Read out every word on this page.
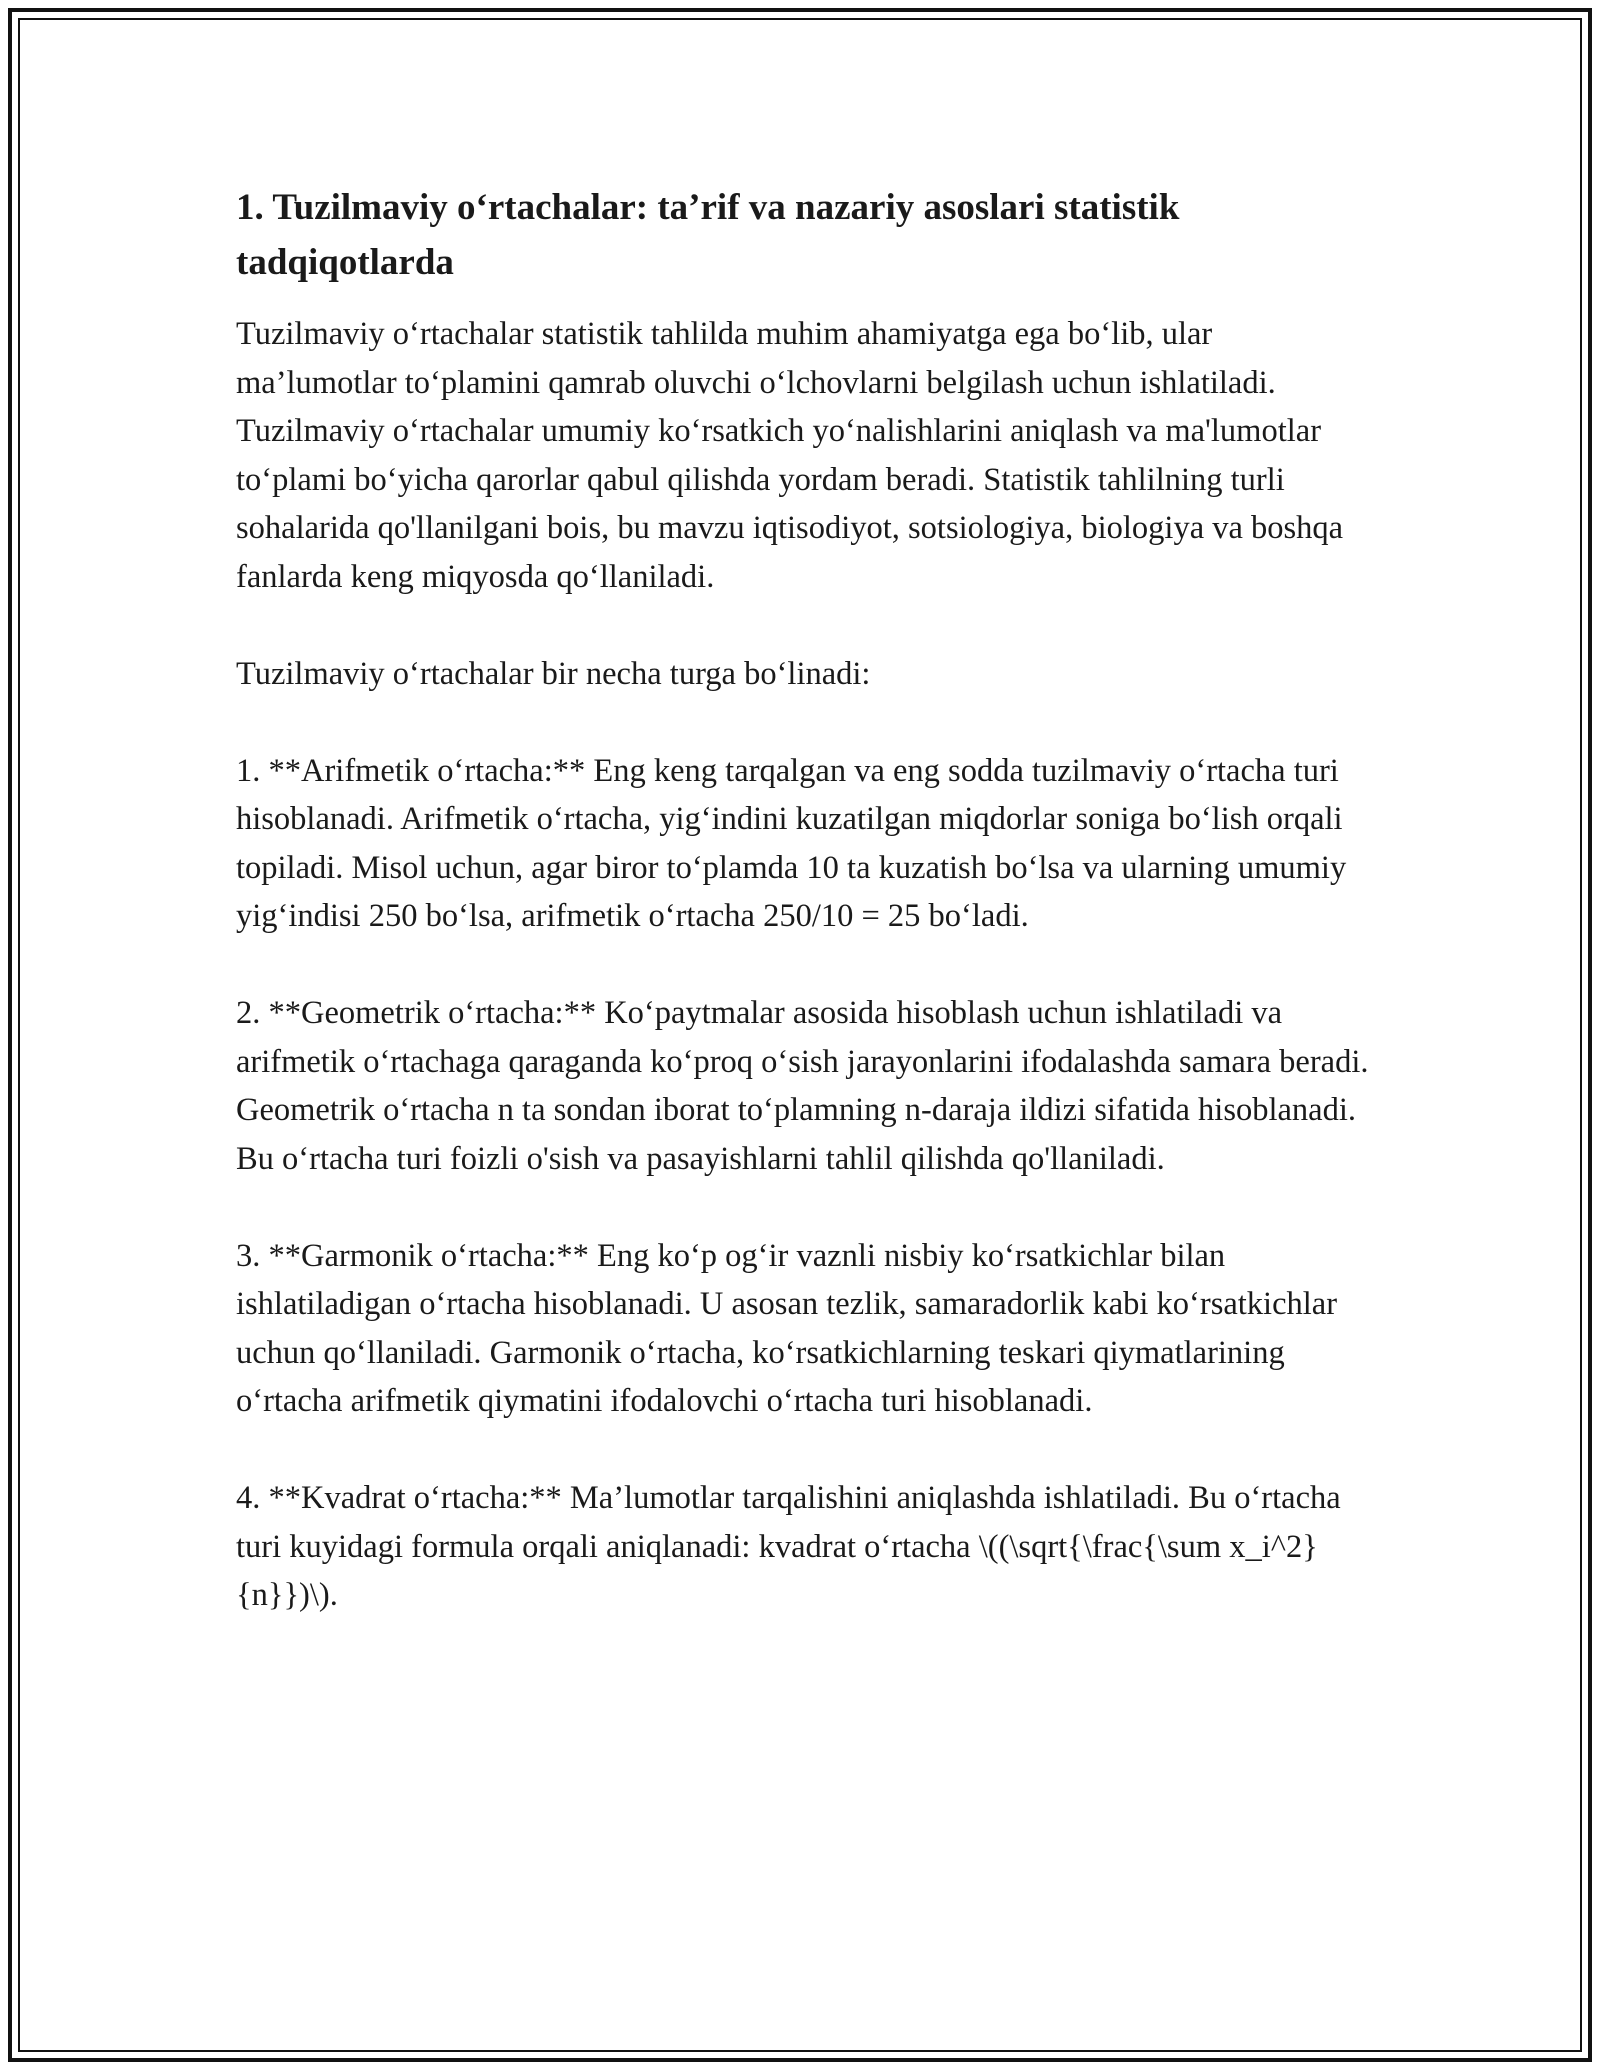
1. Tuzilmaviy o‘rtachalar: ta’rif va nazariy asoslari statistik tadqiqotlarda

Tuzilmaviy o‘rtachalar statistik tahlilda muhim ahamiyatga ega bo‘lib, ular ma’lumotlar to‘plamini qamrab oluvchi o‘lchovlarni belgilash uchun ishlatiladi. Tuzilmaviy o‘rtachalar umumiy ko‘rsatkich yo‘nalishlarini aniqlash va ma'lumotlar to‘plami bo‘yicha qarorlar qabul qilishda yordam beradi. Statistik tahlilning turli sohalarida qo'llanilgani bois, bu mavzu iqtisodiyot, sotsiologiya, biologiya va boshqa fanlarda keng miqyosda qo‘llaniladi.

Tuzilmaviy o‘rtachalar bir necha turga bo‘linadi:

1. **Arifmetik o‘rtacha:** Eng keng tarqalgan va eng sodda tuzilmaviy o‘rtacha turi hisoblanadi. Arifmetik o‘rtacha, yig‘indini kuzatilgan miqdorlar soniga bo‘lish orqali topiladi. Misol uchun, agar biror to‘plamda 10 ta kuzatish bo‘lsa va ularning umumiy yig‘indisi 250 bo‘lsa, arifmetik o‘rtacha 250/10 = 25 bo‘ladi.

2. **Geometrik o‘rtacha:** Ko‘paytmalar asosida hisoblash uchun ishlatiladi va arifmetik o‘rtachaga qaraganda ko‘proq o‘sish jarayonlarini ifodalashda samara beradi. Geometrik o‘rtacha n ta sondan iborat to‘plamning n-daraja ildizi sifatida hisoblanadi. Bu o‘rtacha turi foizli o'sish va pasayishlarni tahlil qilishda qo'llaniladi.

3. **Garmonik o‘rtacha:** Eng ko‘p og‘ir vaznli nisbiy ko‘rsatkichlar bilan ishlatiladigan o‘rtacha hisoblanadi. U asosan tezlik, samaradorlik kabi ko‘rsatkichlar uchun qo‘llaniladi. Garmonik o‘rtacha, ko‘rsatkichlarning teskari qiymatlarining o‘rtacha arifmetik qiymatini ifodalovchi o‘rtacha turi hisoblanadi.

4. **Kvadrat o‘rtacha:** Ma’lumotlar tarqalishini aniqlashda ishlatiladi. Bu o‘rtacha turi kuyidagi formula orqali aniqlanadi: kvadrat o‘rtacha \((\sqrt{\frac{\sum x_i^2}{n}})\).
